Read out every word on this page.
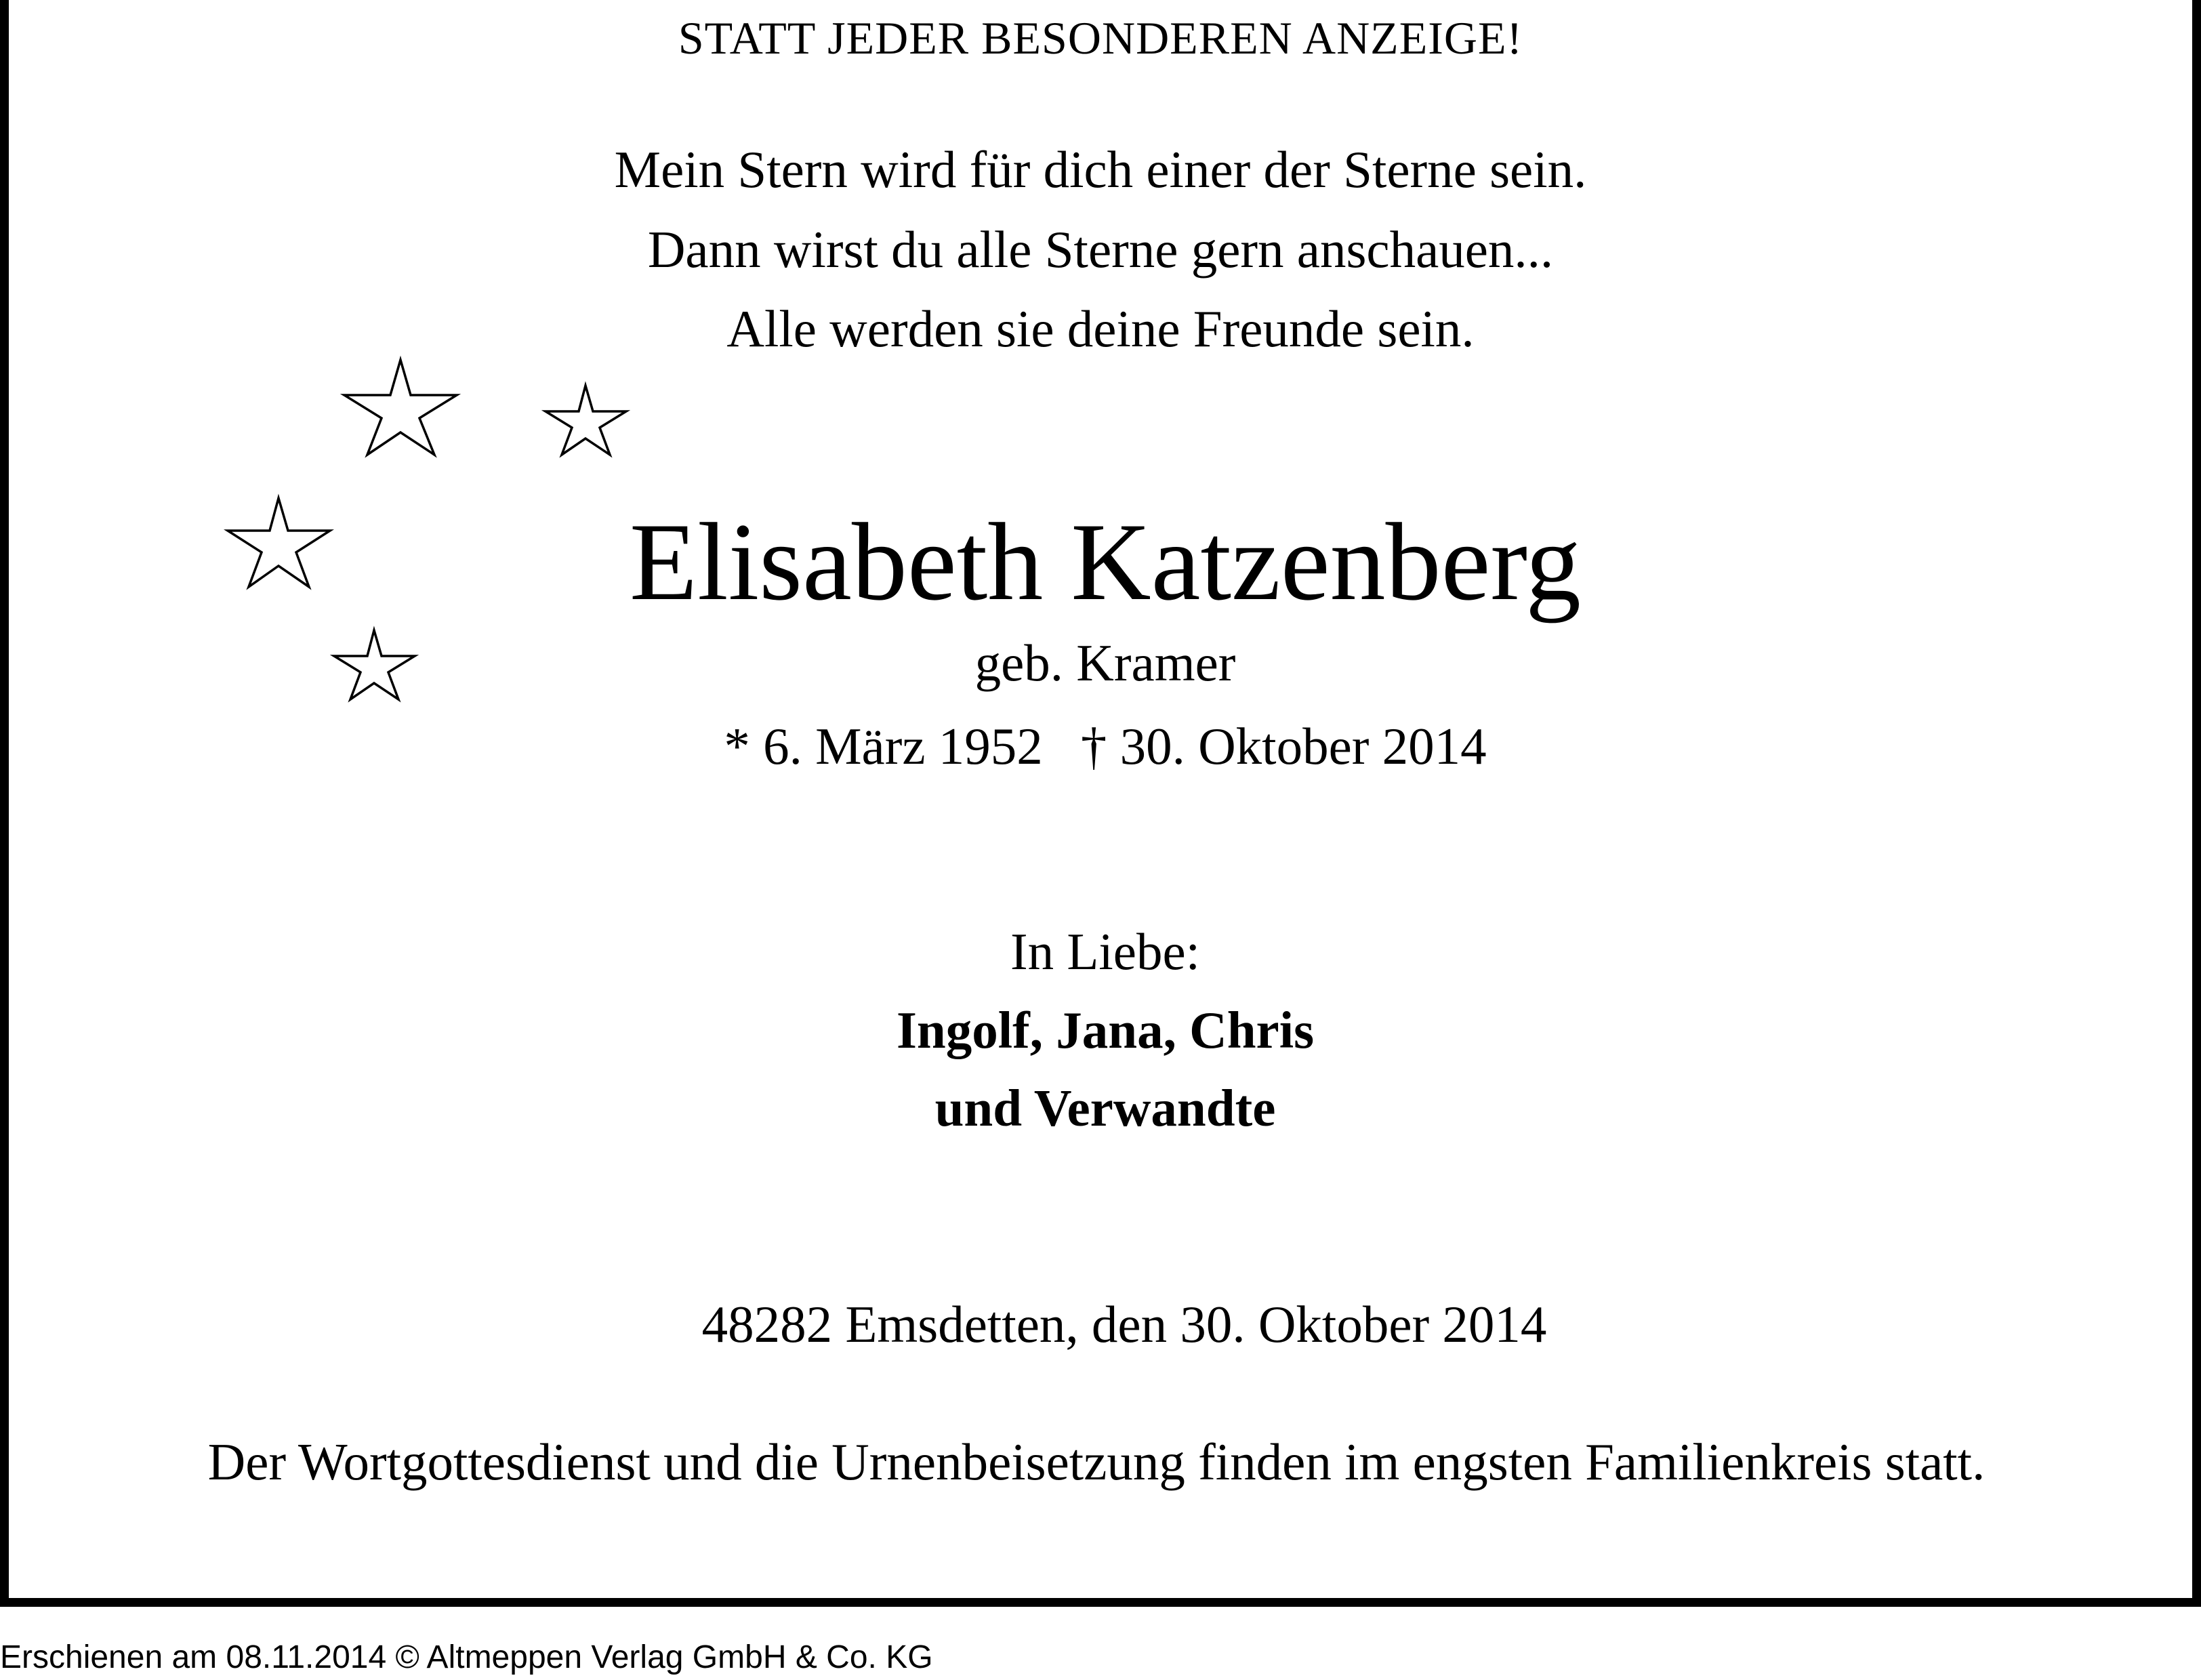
STATT JEDER BESONDEREN ANZEIGE!
Mein Stern wird für dich einer der Sterne sein.
Dann wirst du alle Sterne gern anschauen...
Alle werden sie deine Freunde sein.
Elisabeth Katzenberg
geb. Kramer
* 6. März 1952 † 30. Oktober 2014
In Liebe:
Ingolf, Jana, Chris
und Verwandte
48282 Emsdetten, den 30. Oktober 2014
Der Wortgottesdienst und die Urnenbeisetzung finden im engsten Familienkreis statt.
Erschienen am 08.11.2014 © Altmeppen Verlag GmbH & Co. KG
